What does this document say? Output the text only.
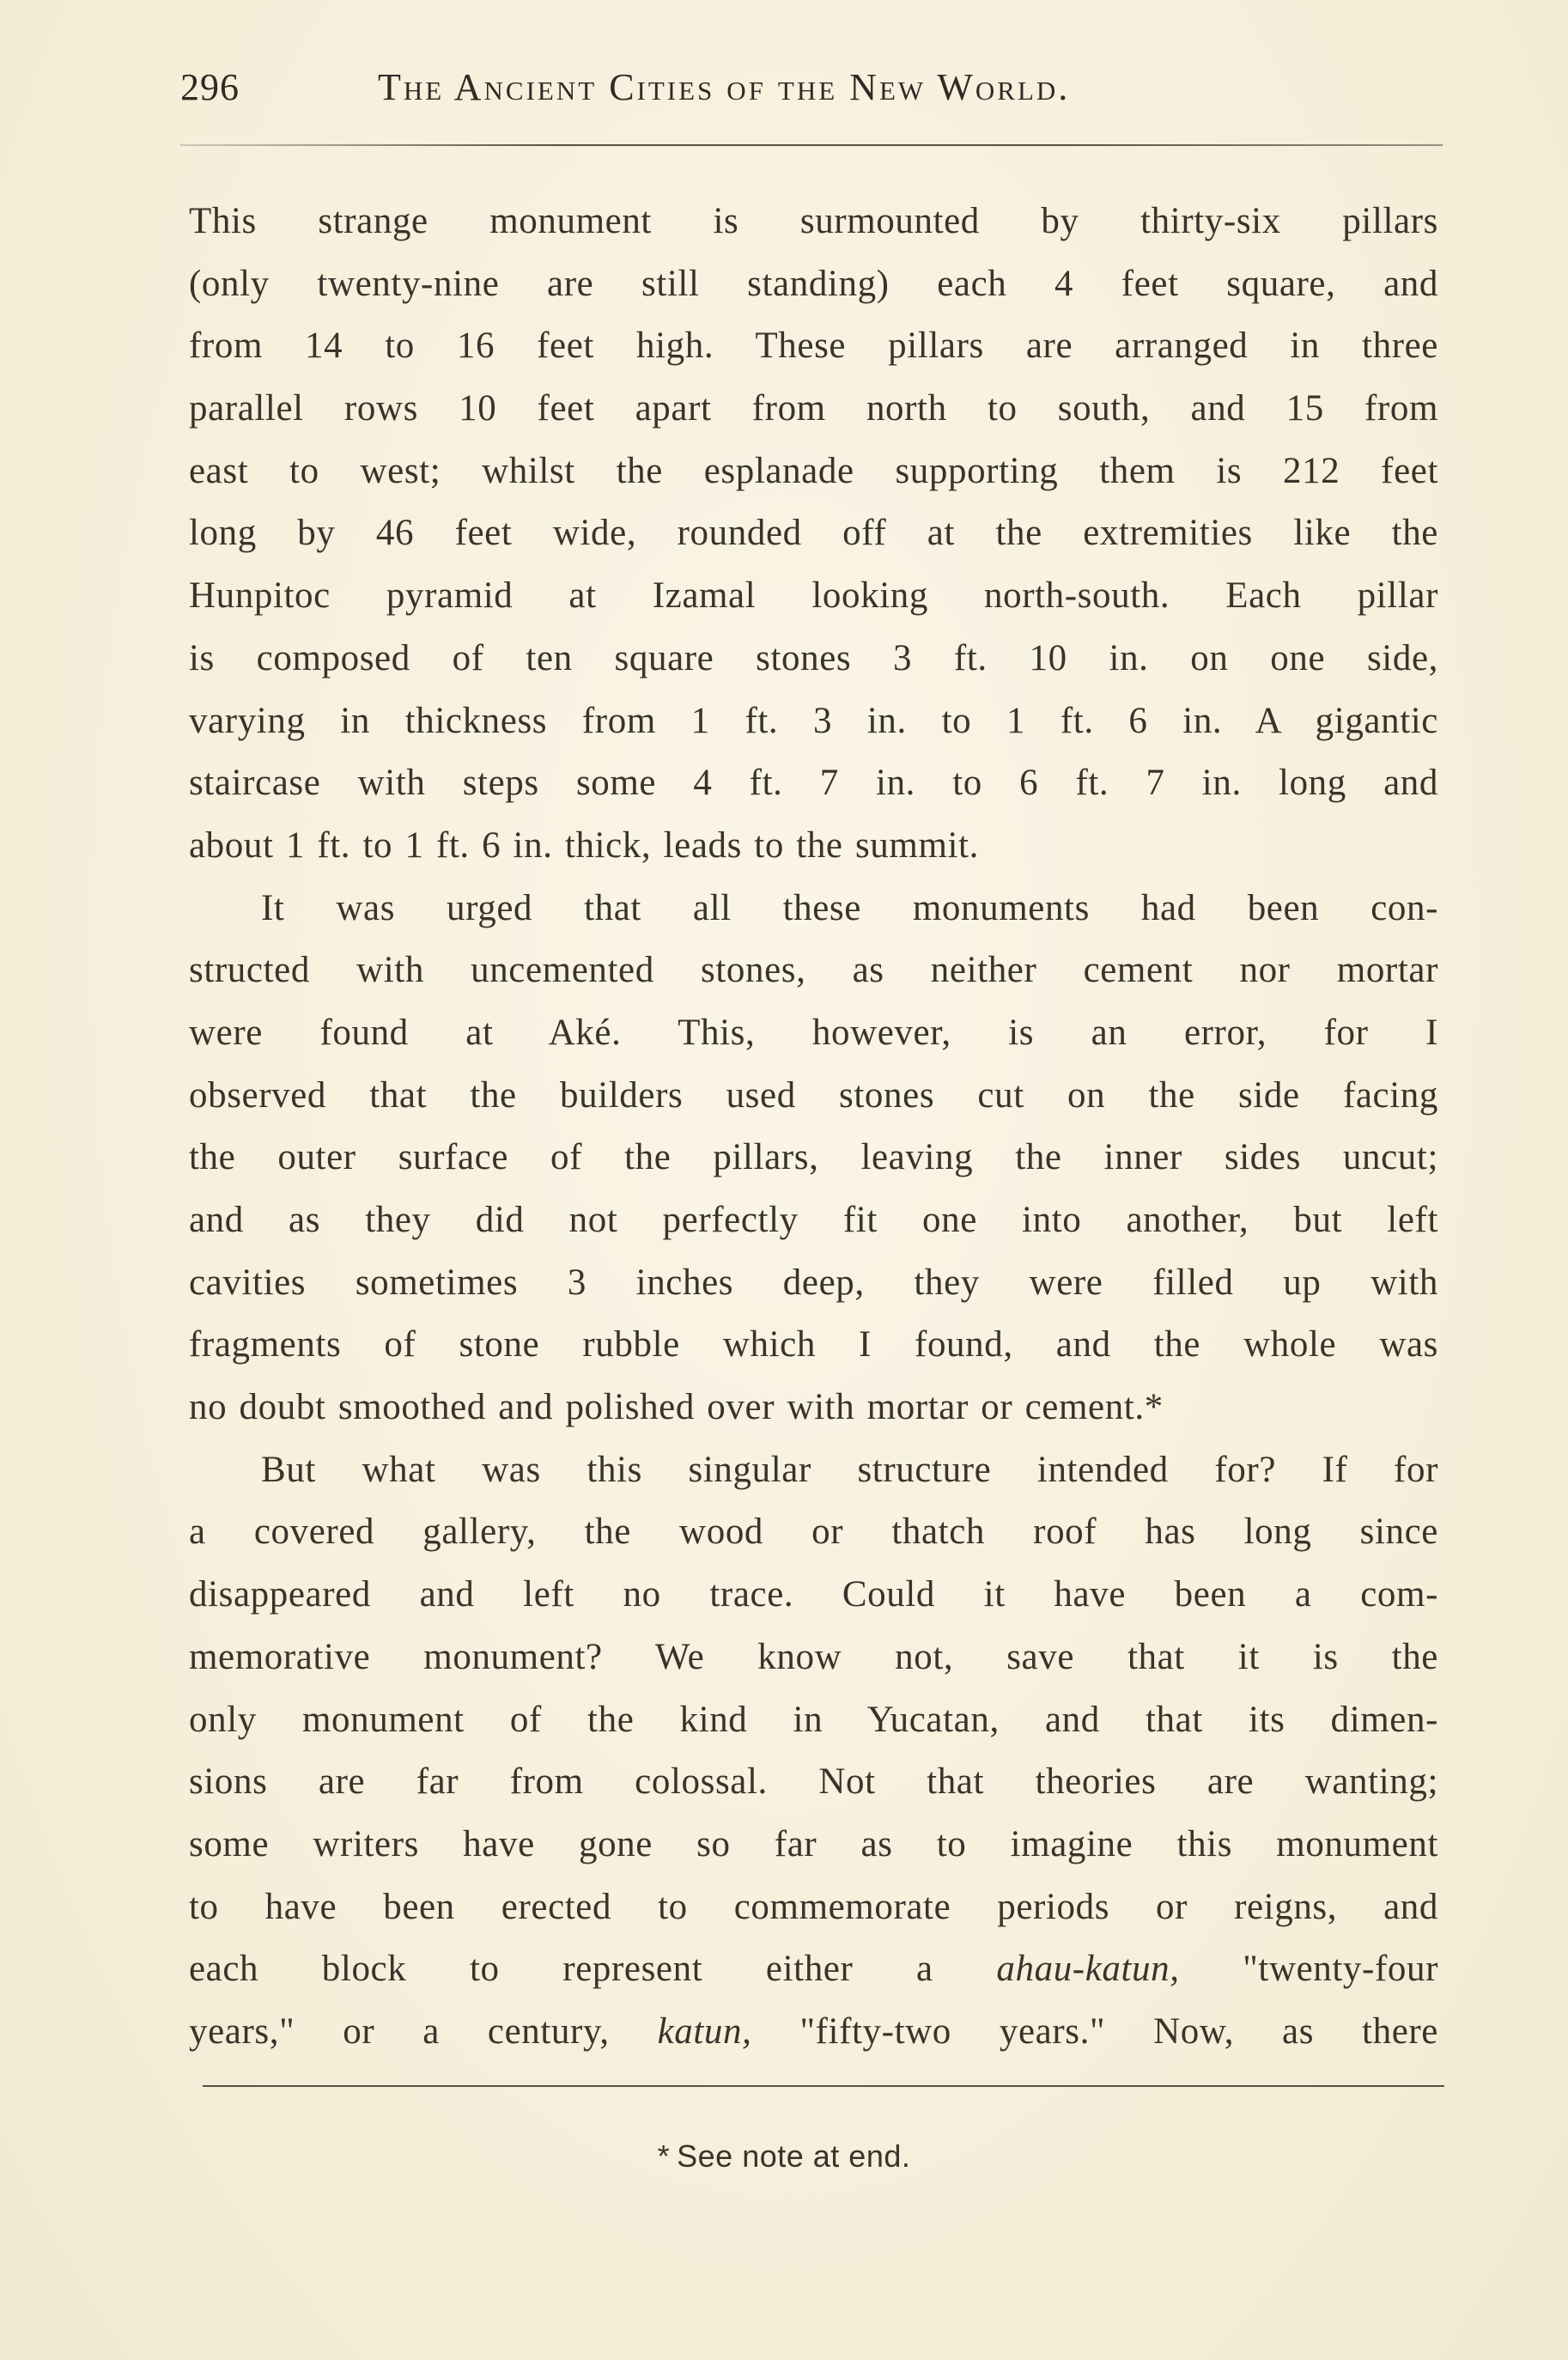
296	The Ancient Cities of the New World.
This strange monument is surmounted by thirty-six pillars
(only twenty-nine are still standing) each 4 feet square, and
from 14 to 16 feet high. These pillars are arranged in three
parallel rows 10 feet apart from north to south, and 15 from
east to west; whilst the esplanade supporting them is 212 feet
long by 46 feet wide, rounded off at the extremities like the
Hunpitoc pyramid at Izamal looking north-south. Each pillar
is composed of ten square stones 3 ft. 10 in. on one side,
varying in thickness from 1 ft. 3 in. to 1 ft. 6 in. A gigantic
staircase with steps some 4 ft. 7 in. to 6 ft. 7 in. long and
about 1 ft. to 1 ft. 6 in. thick, leads to the summit.
It was urged that all these monuments had been con-
structed with uncemented stones, as neither cement nor mortar
were found at Aké. This, however, is an error, for I
observed that the builders used stones cut on the side facing
the outer surface of the pillars, leaving the inner sides uncut;
and as they did not perfectly fit one into another, but left
cavities sometimes 3 inches deep, they were filled up with
fragments of stone rubble which I found, and the whole was
no doubt smoothed and polished over with mortar or cement.*
But what was this singular structure intended for? If for
a covered gallery, the wood or thatch roof has long since
disappeared and left no trace. Could it have been a com-
memorative monument? We know not, save that it is the
only monument of the kind in Yucatan, and that its dimen-
sions are far from colossal. Not that theories are wanting;
some writers have gone so far as to imagine this monument
to have been erected to commemorate periods or reigns, and
each block to represent either a ahau-katun, "twenty-four
years," or a century, katun, "fifty-two years." Now, as there
* See note at end.
